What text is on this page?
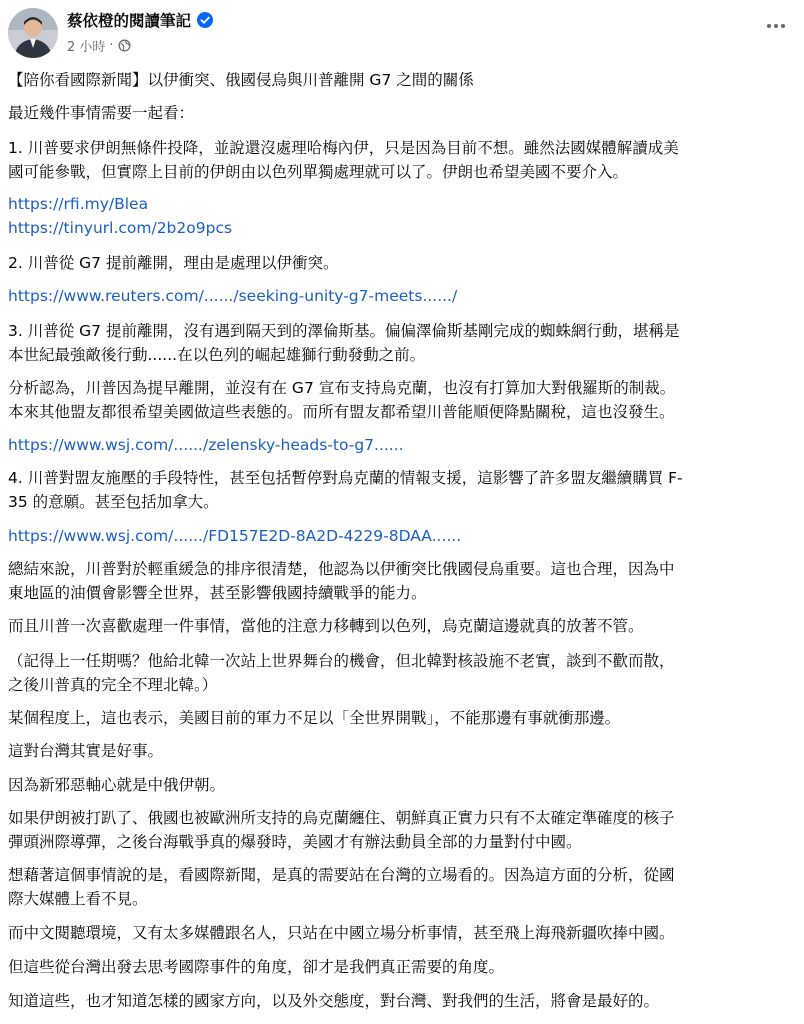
蔡依橙的閱讀筆記
2 小時 ·
【陪你看國際新聞】以伊衝突、俄國侵烏與川普離開 G7 之間的關係
最近幾件事情需要一起看：
1. 川普要求伊朗無條件投降，並說還沒處理哈梅內伊，只是因為目前不想。雖然法國媒體解讀成美
國可能參戰，但實際上目前的伊朗由以色列單獨處理就可以了。伊朗也希望美國不要介入。
https://rfi.my/Blea
https://tinyurl.com/2b2o9pcs
2. 川普從 G7 提前離開，理由是處理以伊衝突。
https://www.reuters.com/....../seeking-unity-g7-meets....../
3. 川普從 G7 提前離開，沒有遇到隔天到的澤倫斯基。偏偏澤倫斯基剛完成的蜘蛛網行動，堪稱是
本世紀最強敵後行動......在以色列的崛起雄獅行動發動之前。
分析認為，川普因為提早離開，並沒有在 G7 宣布支持烏克蘭，也沒有打算加大對俄羅斯的制裁。
本來其他盟友都很希望美國做這些表態的。而所有盟友都希望川普能順便降點關稅，這也沒發生。
https://www.wsj.com/....../zelensky-heads-to-g7......
4. 川普對盟友施壓的手段特性，甚至包括暫停對烏克蘭的情報支援，這影響了許多盟友繼續購買 F-
35 的意願。甚至包括加拿大。
https://www.wsj.com/....../FD157E2D-8A2D-4229-8DAA......
總結來說，川普對於輕重緩急的排序很清楚，他認為以伊衝突比俄國侵烏重要。這也合理，因為中
東地區的油價會影響全世界，甚至影響俄國持續戰爭的能力。
而且川普一次喜歡處理一件事情，當他的注意力移轉到以色列，烏克蘭這邊就真的放著不管。
（記得上一任期嗎？他給北韓一次站上世界舞台的機會，但北韓對核設施不老實，談到不歡而散，
之後川普真的完全不理北韓。）
某個程度上，這也表示，美國目前的軍力不足以「全世界開戰」，不能那邊有事就衝那邊。
這對台灣其實是好事。
因為新邪惡軸心就是中俄伊朝。
如果伊朗被打趴了、俄國也被歐洲所支持的烏克蘭纏住、朝鮮真正實力只有不太確定準確度的核子
彈頭洲際導彈，之後台海戰爭真的爆發時，美國才有辦法動員全部的力量對付中國。
想藉著這個事情說的是，看國際新聞，是真的需要站在台灣的立場看的。因為這方面的分析，從國
際大媒體上看不見。
而中文閱聽環境，又有太多媒體跟名人，只站在中國立場分析事情，甚至飛上海飛新疆吹捧中國。
但這些從台灣出發去思考國際事件的角度，卻才是我們真正需要的角度。
知道這些，也才知道怎樣的國家方向，以及外交態度，對台灣、對我們的生活，將會是最好的。
